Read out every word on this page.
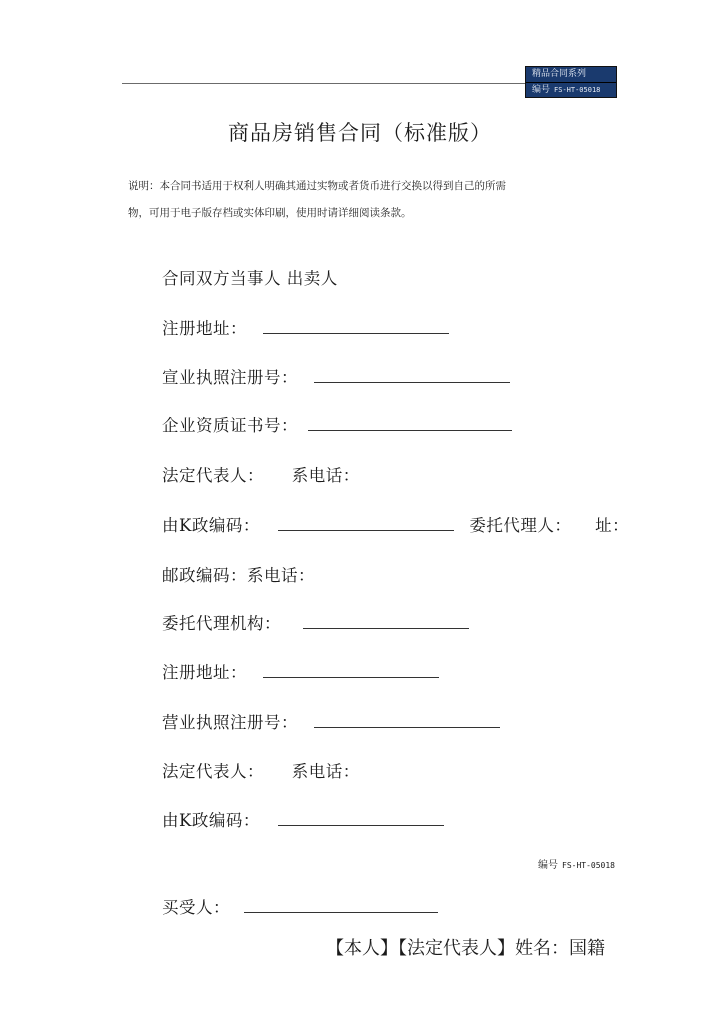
精品合同系列
编号 FS-HT-05018
商品房销售合同（标准版）
说明：本合同书适用于权利人明确其通过实物或者货币进行交换以得到自己的所需
物，可用于电子版存档或实体印刷，使用时请详细阅读条款。
合同双方当事人 出卖人
注册地址：
宣业执照注册号：
企业资质证书号：
法定代表人： 系电话：
由K政编码：	委托代理人： 址：
邮政编码：系电话：
委托代理机构：
注册地址：
营业执照注册号：
法定代表人： 系电话：
由K政编码：
编号 FS-HT-05018
买受人：
【本人】【法定代表人】姓名：国籍
